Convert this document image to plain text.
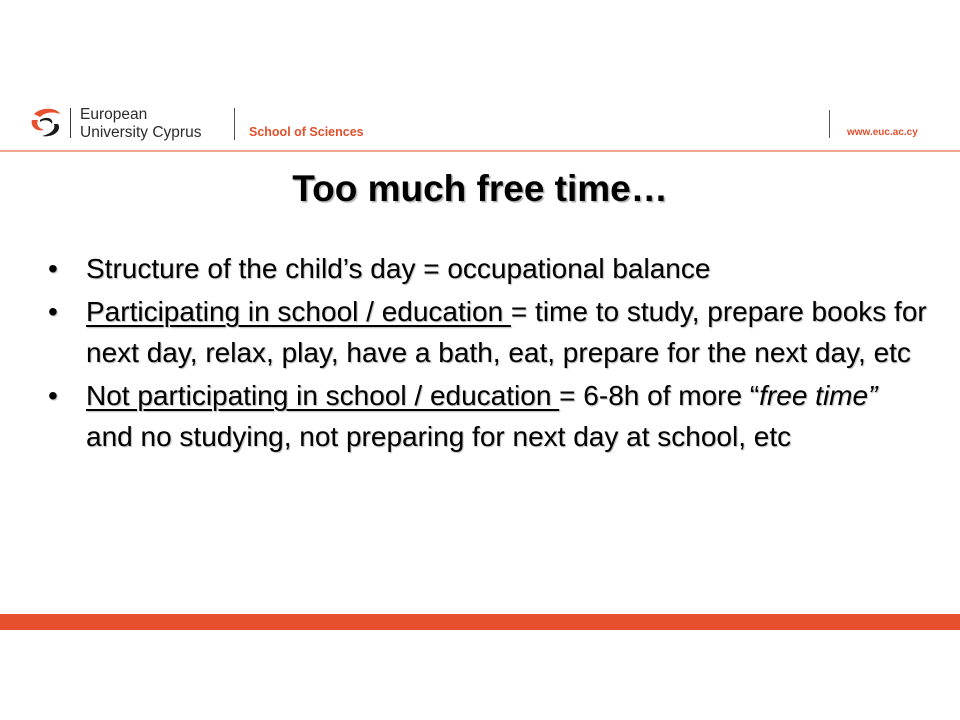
European
University Cyprus	School of Sciences	www.euc.ac.cy
Too much free time…
•	Structure of the child’s day = occupational balance
•	Participating in school / education = time to study, prepare books for next day, relax, play, have a bath, eat, prepare for the next day, etc
•	Not participating in school / education = 6-8h of more “free time” and no studying, not preparing for next day at school, etc
